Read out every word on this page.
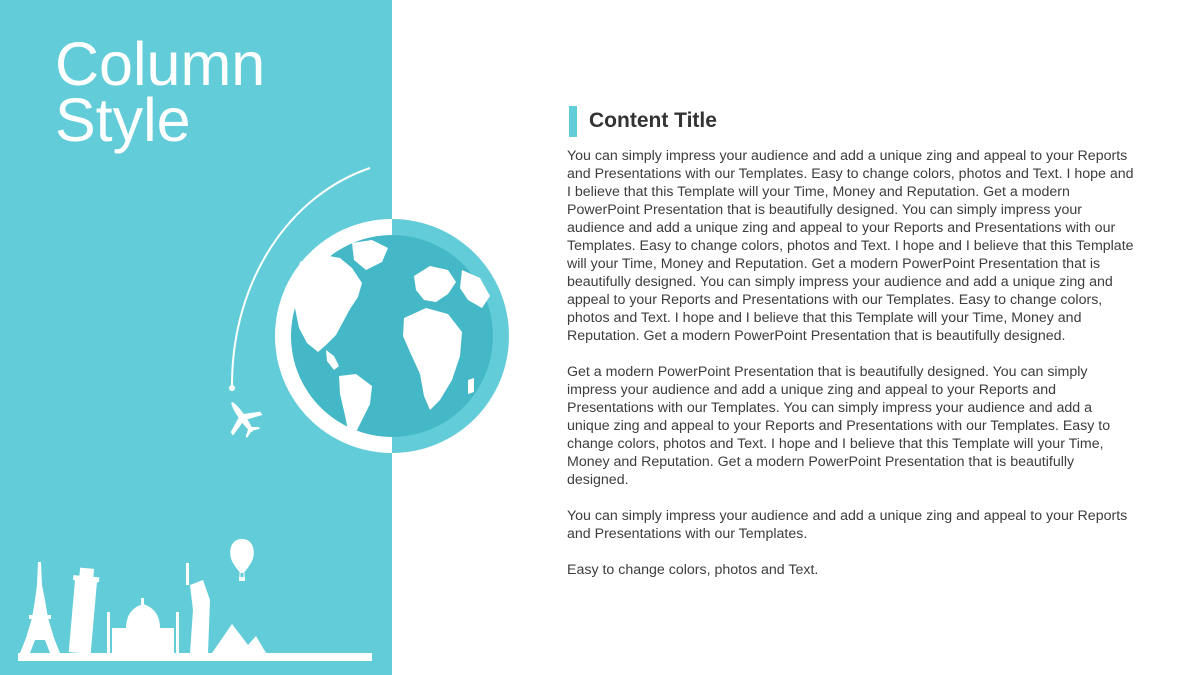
Column
Style	Content Title

You can simply impress your audience and add a unique zing and appeal to your Reports and Presentations with our Templates. Easy to change colors, photos and Text. I hope and I believe that this Template will your Time, Money and Reputation. Get a modern PowerPoint Presentation that is beautifully designed. You can simply impress your audience and add a unique zing and appeal to your Reports and Presentations with our Templates. Easy to change colors, photos and Text. I hope and I believe that this Template will your Time, Money and Reputation. Get a modern PowerPoint Presentation that is beautifully designed. You can simply impress your audience and add a unique zing and appeal to your Reports and Presentations with our Templates. Easy to change colors, photos and Text. I hope and I believe that this Template will your Time, Money and Reputation. Get a modern PowerPoint Presentation that is beautifully designed.

Get a modern PowerPoint Presentation that is beautifully designed. You can simply impress your audience and add a unique zing and appeal to your Reports and Presentations with our Templates. You can simply impress your audience and add a unique zing and appeal to your Reports and Presentations with our Templates. Easy to change colors, photos and Text. I hope and I believe that this Template will your Time, Money and Reputation. Get a modern PowerPoint Presentation that is beautifully designed.

You can simply impress your audience and add a unique zing and appeal to your Reports and Presentations with our Templates.

Easy to change colors, photos and Text.
